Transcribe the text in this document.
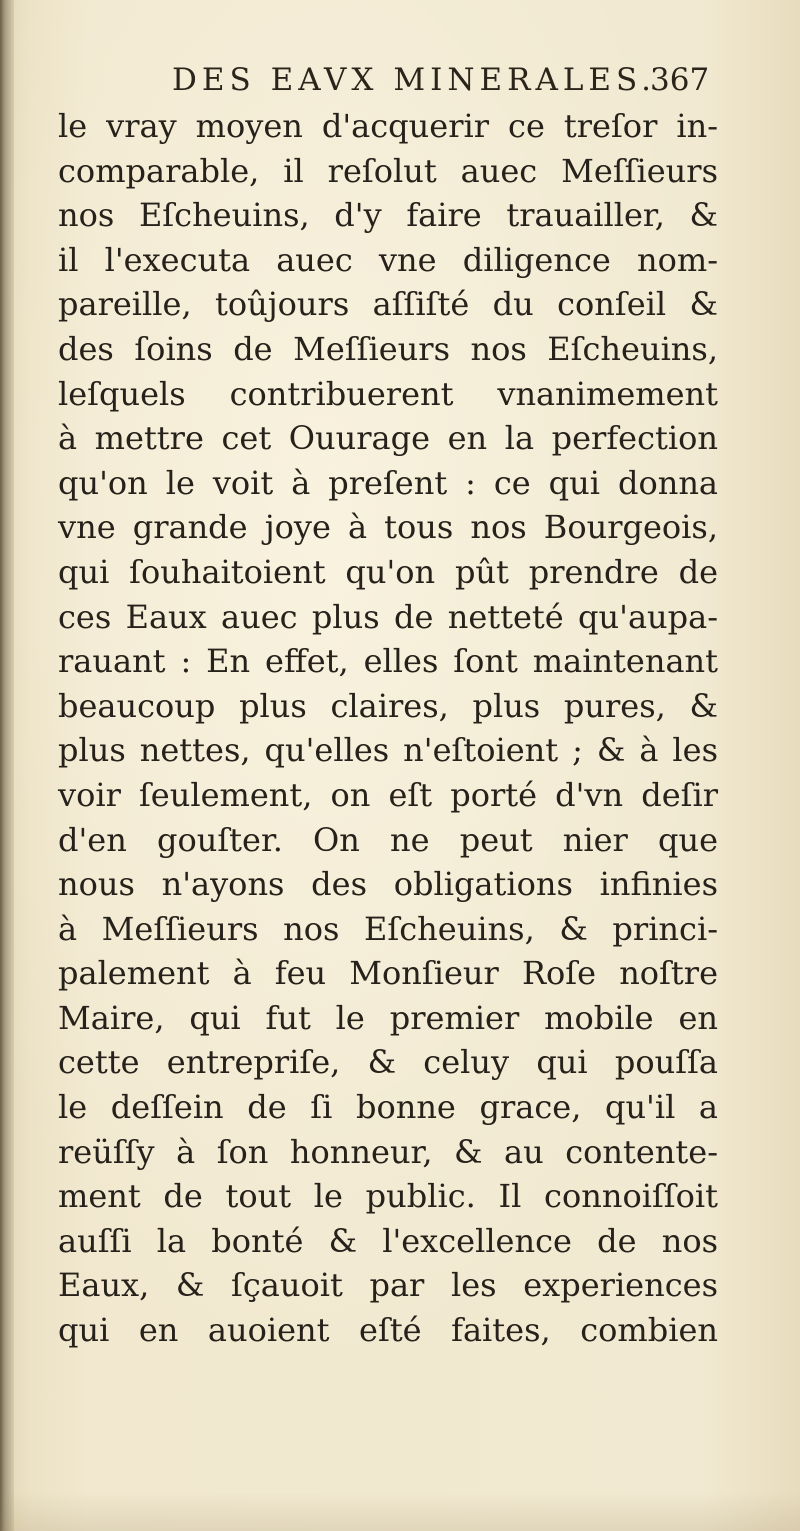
DES EAVX MINERALES.
367
le vray moyen d'acquerir ce treſor in-
comparable, il reſolut auec Meſſieurs
nos Eſcheuins, d'y faire trauailler, &
il l'executa auec vne diligence nom-
pareille, toûjours aſſiſté du conſeil &
des ſoins de Meſſieurs nos Eſcheuins,
leſquels contribuerent vnanimement
à mettre cet Ouurage en la perfection
qu'on le voit à preſent : ce qui donna
vne grande joye à tous nos Bourgeois,
qui ſouhaitoient qu'on pût prendre de
ces Eaux auec plus de netteté qu'aupa-
rauant : En effet, elles ſont maintenant
beaucoup plus claires, plus pures, &
plus nettes, qu'elles n'eſtoient ; & à les
voir ſeulement, on eſt porté d'vn deſir
d'en gouſter. On ne peut nier que
nous n'ayons des obligations infinies
à Meſſieurs nos Eſcheuins, & princi-
palement à feu Monſieur Roſe noſtre
Maire, qui fut le premier mobile en
cette entrepriſe, & celuy qui pouſſa
le deſſein de ſi bonne grace, qu'il a
reüſſy à ſon honneur, & au contente-
ment de tout le public. Il connoiſſoit
auſſi la bonté & l'excellence de nos
Eaux, & ſçauoit par les experiences
qui en auoient eſté faites, combien
